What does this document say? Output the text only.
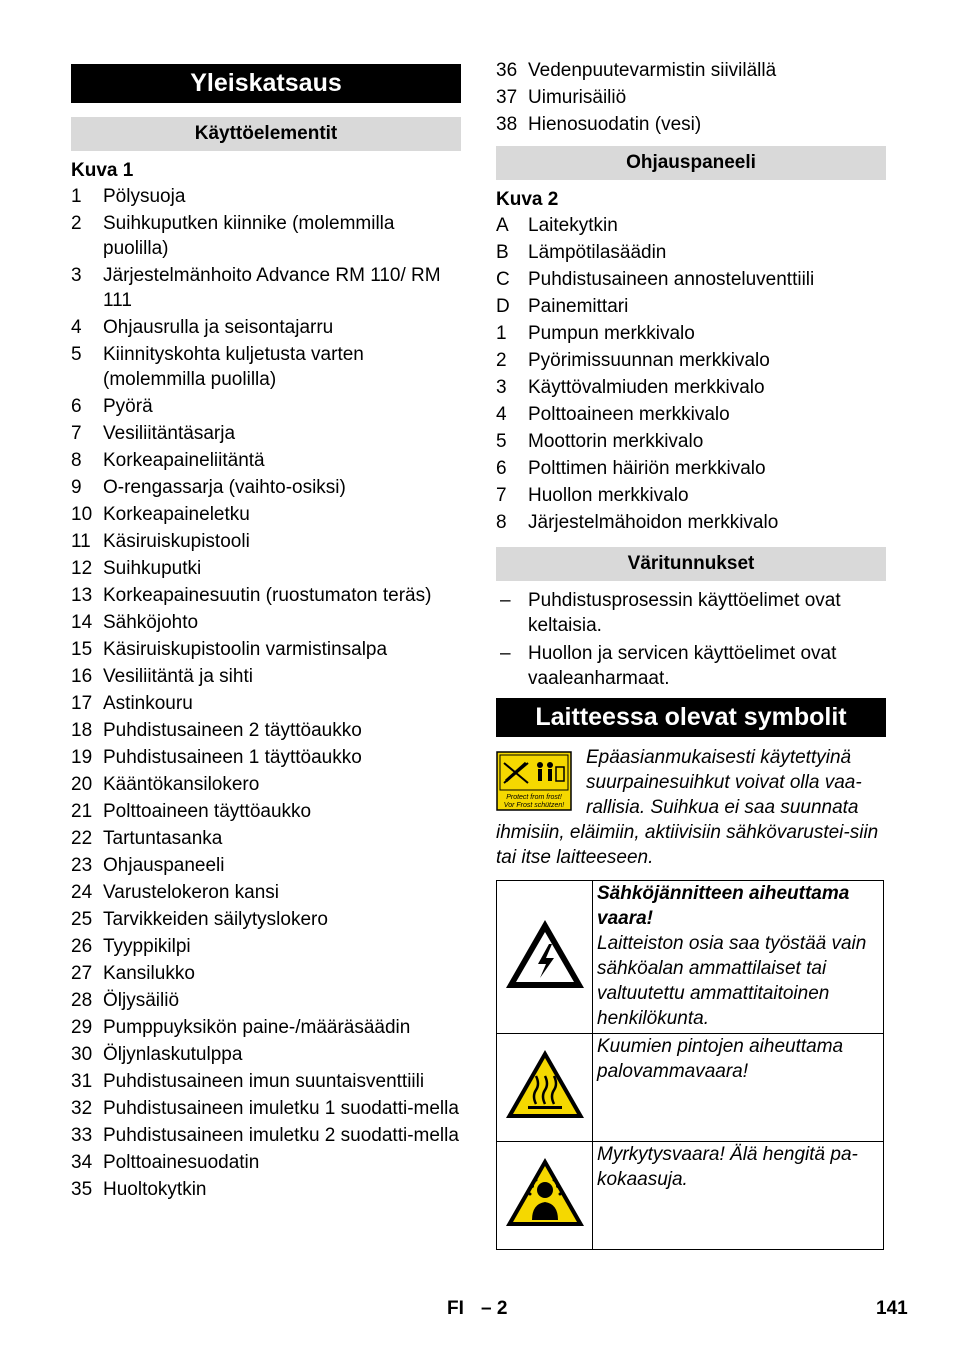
Yleiskatsaus
Käyttöelementit
Kuva 1
1	Pölysuoja
2	Suihkuputken kiinnike (molemmilla puolilla)
3	Järjestelmänhoito Advance RM 110/ RM 111
4	Ohjausrulla ja seisontajarru
5	Kiinnityskohta kuljetusta varten (molemmilla puolilla)
6	Pyörä
7	Vesiliitäntäsarja
8	Korkeapaineliitäntä
9	O-rengassarja (vaihto-osiksi)
10 Korkeapaineletku
11 Käsiruiskupistooli
12 Suihkuputki
13 Korkeapainesuutin (ruostumaton teräs)
14 Sähköjohto
15 Käsiruiskupistoolin varmistinsalpa
16 Vesiliitäntä ja sihti
17 Astinkouru
18 Puhdistusaineen 2 täyttöaukko
19 Puhdistusaineen 1 täyttöaukko
20 Kääntökansilokero
21 Polttoaineen täyttöaukko
22 Tartuntasanka
23 Ohjauspaneeli
24 Varustelokeron kansi
25 Tarvikkeiden säilytyslokero
26 Tyyppikilpi
27 Kansilukko
28 Öljysäiliö
29 Pumppuyksikön paine-/määräsäädin
30 Öljynlaskutulppa
31 Puhdistusaineen imun suuntaisventtiili
32 Puhdistusaineen imuletku 1 suodatti-mella
33 Puhdistusaineen imuletku 2 suodatti-mella
34 Polttoainesuodatin
35 Huoltokytkin
36 Vedenpuutevarmistin siivilällä
37 Uimurisäiliö
38 Hienosuodatin (vesi)
Ohjauspaneeli
Kuva 2
A	Laitekytkin
B	Lämpötilasäädin
C Puhdistusaineen annosteluventtiili
D Painemittari
1	Pumpun merkkivalo
2	Pyörimissuunnan merkkivalo
3	Käyttövalmiuden merkkivalo
4	Polttoaineen merkkivalo
5	Moottorin merkkivalo
6	Polttimen häiriön merkkivalo
7	Huollon merkkivalo
8	Järjestelmähoidon merkkivalo
Väritunnukset
– Puhdistusprosessin käyttöelimet ovat keltaisia.
– Huollon ja servicen käyttöelimet ovat vaaleanharmaat.
Laitteessa olevat symbolit
Protect from frost!
Vor Frost schützen!
Epäasianmukaisesti käytettyinä suurpainesuihkut voivat olla vaa-rallisia. Suihkua ei saa suunnata ihmisiin, eläimiin, aktiivisiin sähkövarustei-siin tai itse laitteeseen.

Sähköjännitteen aiheuttama vaara!
Laitteiston osia saa työstää vain sähköalan ammattilaiset tai valtuutettu ammattitaitoinen henkilökunta.

Kuumien pintojen aiheuttama palovammavaara!

Myrkytysvaara! Älä hengitä pa-kokaasuja.
FI – 2	141
